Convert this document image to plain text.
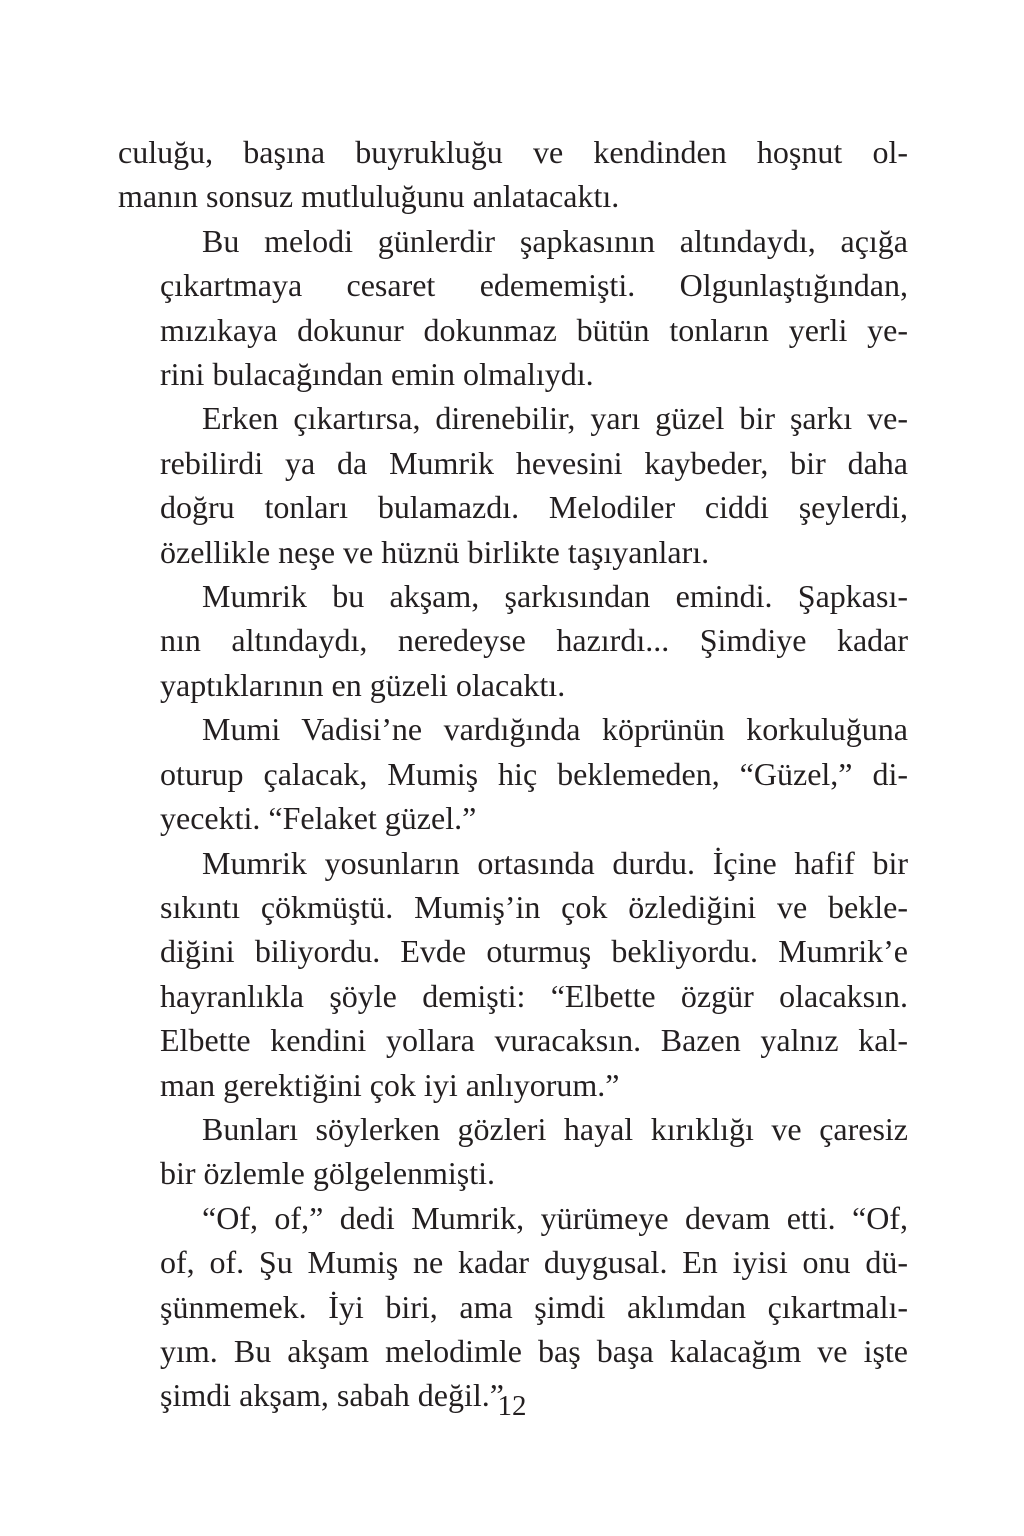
culuğu, başına buyrukluğu ve kendinden hoşnut ol-
manın sonsuz mutluluğunu anlatacaktı.
Bu melodi günlerdir şapkasının altındaydı, açığa
çıkartmaya cesaret edememişti. Olgunlaştığından,
mızıkaya dokunur dokunmaz bütün tonların yerli ye-
rini bulacağından emin olmalıydı.
Erken çıkartırsa, direnebilir, yarı güzel bir şarkı ve-
rebilirdi ya da Mumrik hevesini kaybeder, bir daha
doğru tonları bulamazdı. Melodiler ciddi şeylerdi,
özellikle neşe ve hüznü birlikte taşıyanları.
Mumrik bu akşam, şarkısından emindi. Şapkası-
nın altındaydı, neredeyse hazırdı... Şimdiye kadar
yaptıklarının en güzeli olacaktı.
Mumi Vadisi’ne vardığında köprünün korkuluğuna
oturup çalacak, Mumiş hiç beklemeden, “Güzel,” di-
yecekti. “Felaket güzel.”
Mumrik yosunların ortasında durdu. İçine hafif bir
sıkıntı çökmüştü. Mumiş’in çok özlediğini ve bekle-
diğini biliyordu. Evde oturmuş bekliyordu. Mumrik’e
hayranlıkla şöyle demişti: “Elbette özgür olacaksın.
Elbette kendini yollara vuracaksın. Bazen yalnız kal-
man gerektiğini çok iyi anlıyorum.”
Bunları söylerken gözleri hayal kırıklığı ve çaresiz
bir özlemle gölgelenmişti.
“Of, of,” dedi Mumrik, yürümeye devam etti. “Of,
of, of. Şu Mumiş ne kadar duygusal. En iyisi onu dü-
şünmemek. İyi biri, ama şimdi aklımdan çıkartmalı-
yım. Bu akşam melodimle baş başa kalacağım ve işte
şimdi akşam, sabah değil.”
12
